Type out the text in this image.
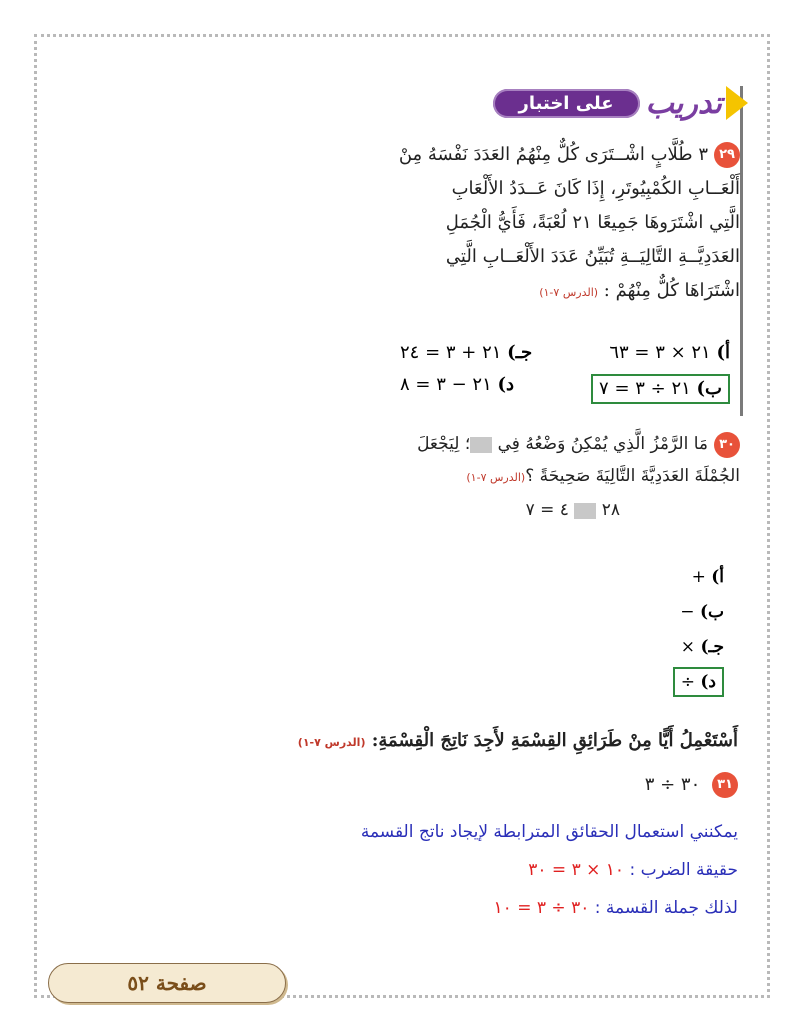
تدريب
على اختبار
٢٩٣ طُلَّابٍ اشْــتَرَى كُلٌّ مِنْهُمُ العَدَدَ نَفْسَهُ مِنْ
أَلْعَــابِ الكُمْبِيُوتَرِ، إِذَا كَانَ عَــدَدُ الأَلْعَابِ
الَّتِي اشْتَرَوهَا جَمِيعًا ٢١ لُعْبَةً، فَأَيُّ الْجُمَلِ
العَدَدِيَّــةِ التَّالِيَــةِ تُبَيِّنُ عَدَدَ الأَلْعَــابِ الَّتِي
اشْتَرَاهَا كُلٌّ مِنْهُمْ : (الدرس ٧-١)
أ) ٢١ × ٣ = ٦٣
جـ) ٢١ + ٣ = ٢٤
ب) ٢١ ÷ ٣ = ٧
د) ٢١ − ٣ = ٨
٣٠مَا الرَّمْزُ الَّذِي يُمْكِنُ وَضْعُهُ فِي ؛ لِيَجْعَلَ
الجُمْلَةَ العَدَدِيَّةَ التَّالِيَةَ صَحِيحَةً ؟(الدرس ٧-١)
٢٨  ٤ = ٧
أ) +
ب) −
جـ) ×
د) ÷
أَسْتَعْمِلُ أَيًّا مِنْ طَرَائِقِ القِسْمَةِ لأَجِدَ نَاتِجَ الْقِسْمَةِ: (الدرس ٧-١)
٣١ ٣٠ ÷ ٣
يمكنني استعمال الحقائق المترابطة لإيجاد ناتج القسمة
حقيقة الضرب : ١٠ × ٣ = ٣٠
لذلك جملة القسمة : ٣٠ ÷ ٣ = ١٠
صفحة ٥٢
